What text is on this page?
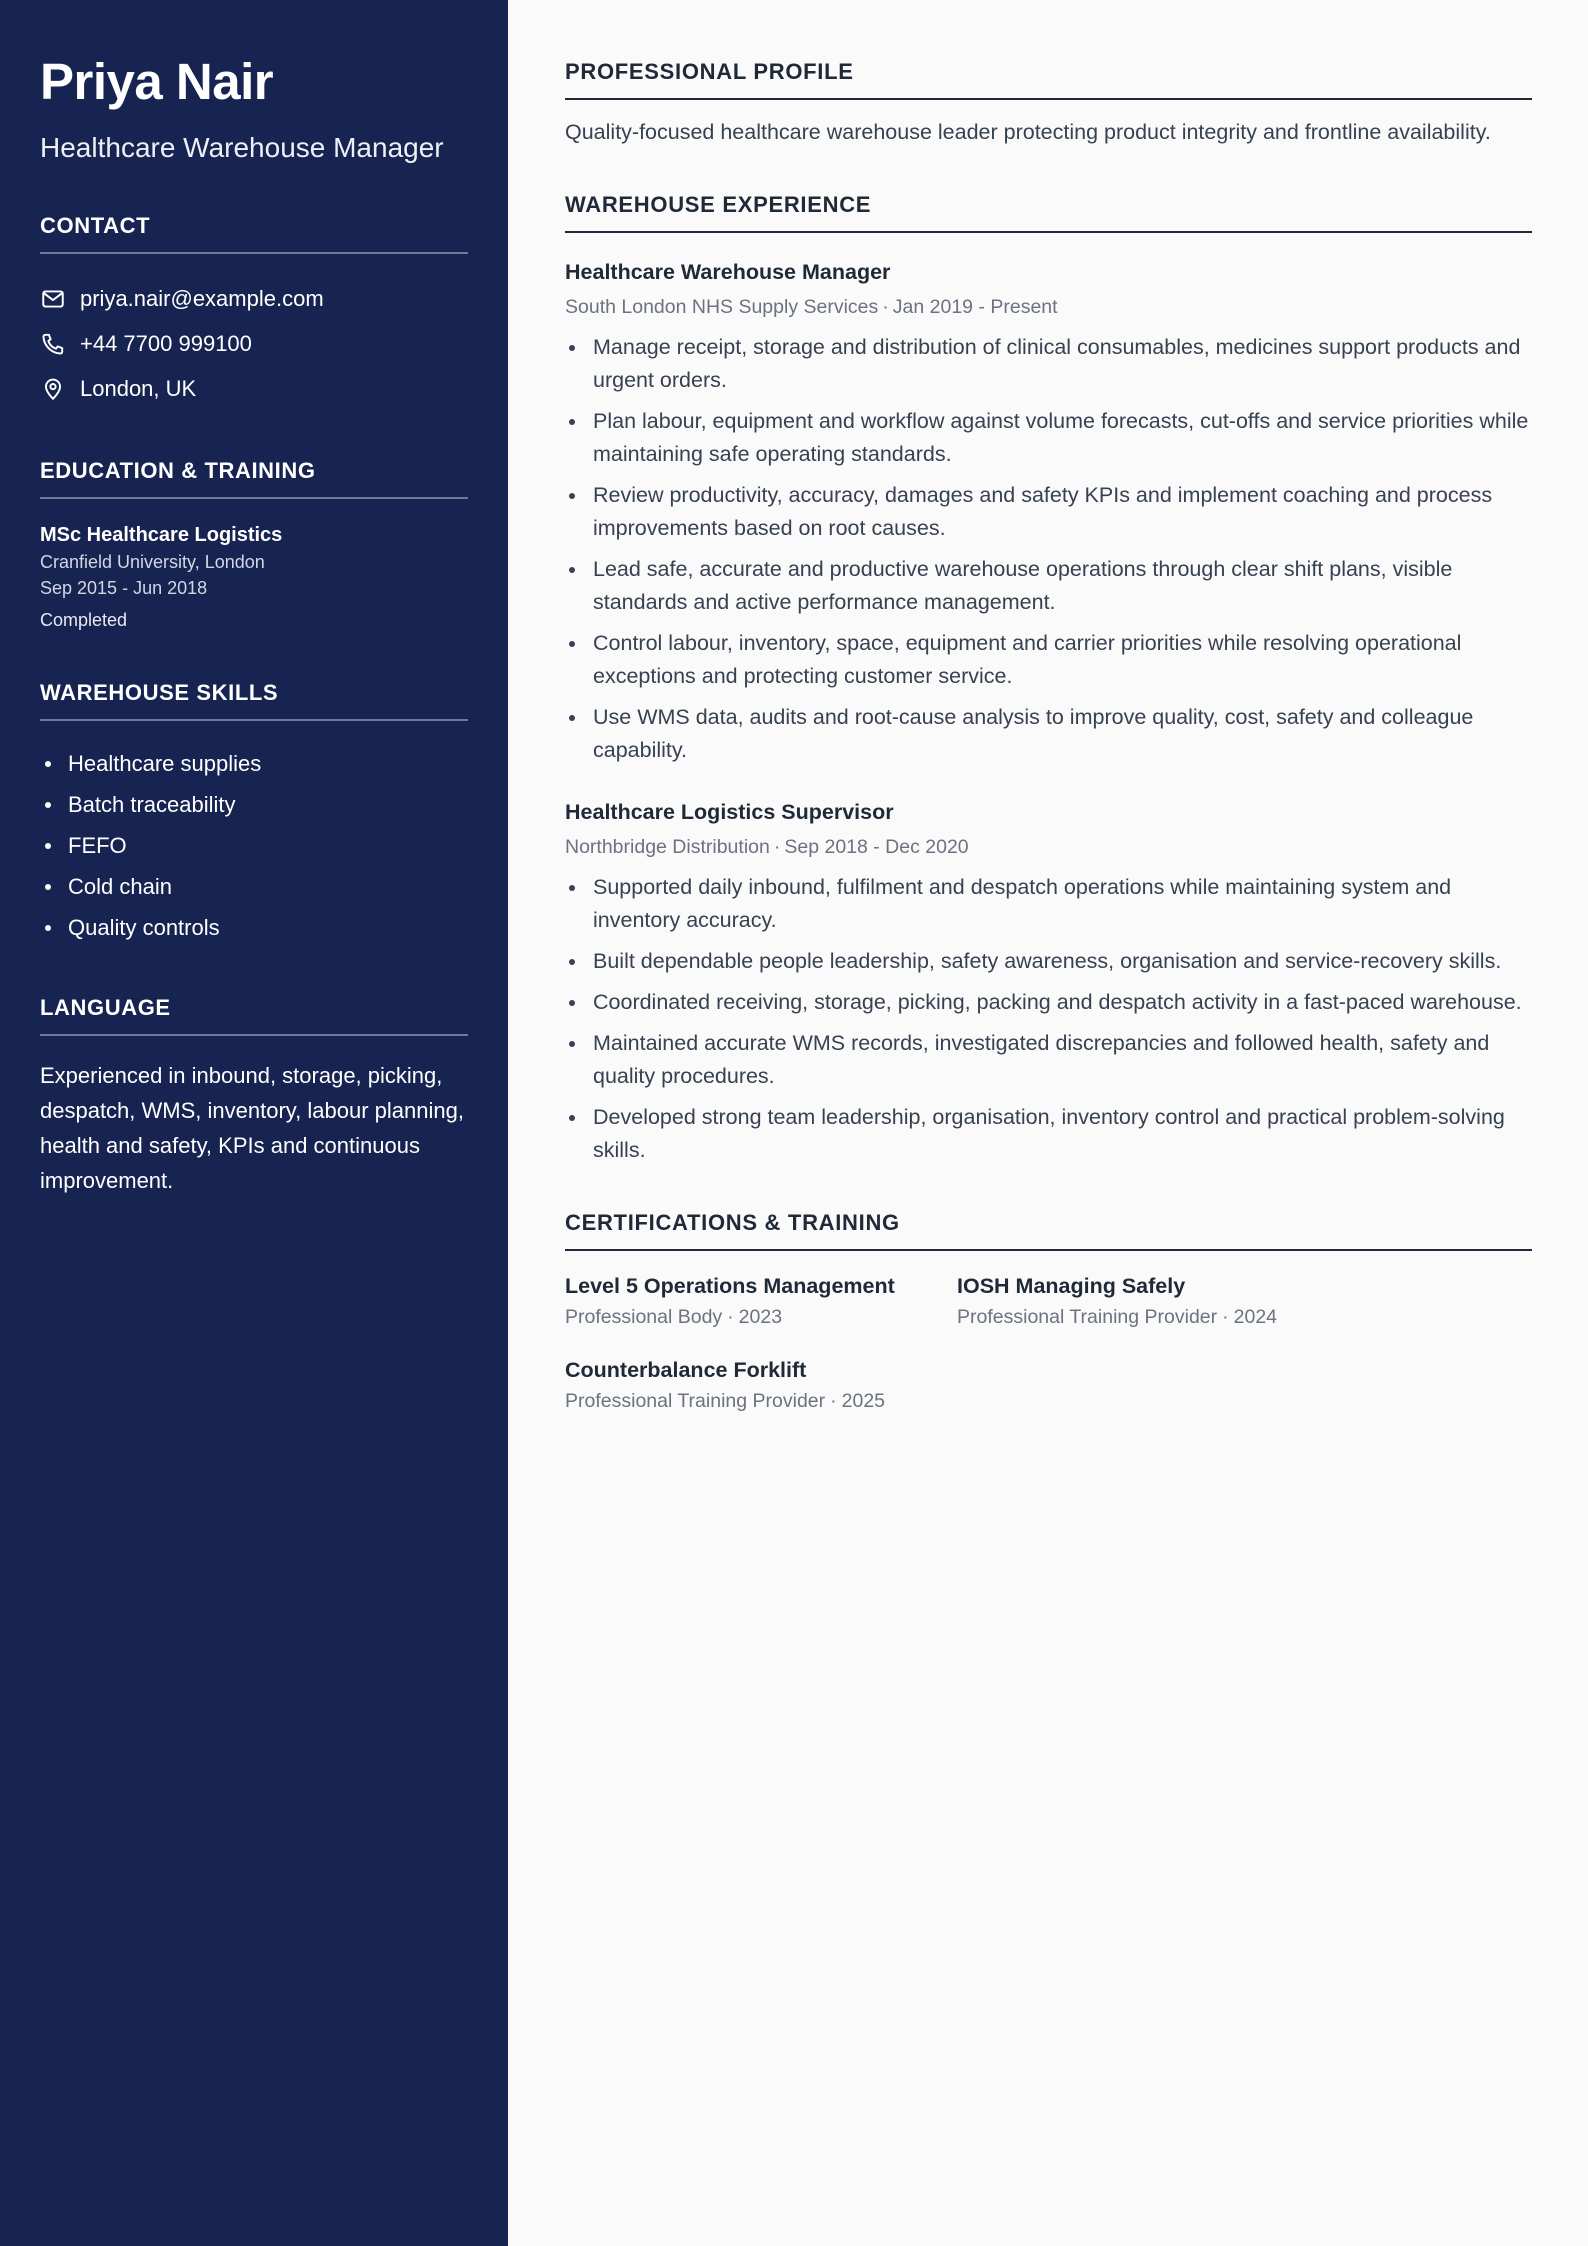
Priya Nair
Healthcare Warehouse Manager
CONTACT
priya.nair@example.com
+44 7700 999100
London, UK
EDUCATION & TRAINING
MSc Healthcare Logistics
Cranfield University, London
Sep 2015 - Jun 2018
Completed
WAREHOUSE SKILLS
Healthcare supplies
Batch traceability
FEFO
Cold chain
Quality controls
LANGUAGE
Experienced in inbound, storage, picking, despatch, WMS, inventory, labour planning, health and safety, KPIs and continuous improvement.
PROFESSIONAL PROFILE
Quality-focused healthcare warehouse leader protecting product integrity and frontline availability.
WAREHOUSE EXPERIENCE
Healthcare Warehouse Manager
South London NHS Supply Services · Jan 2019 - Present
Manage receipt, storage and distribution of clinical consumables, medicines support products and urgent orders.
Plan labour, equipment and workflow against volume forecasts, cut-offs and service priorities while maintaining safe operating standards.
Review productivity, accuracy, damages and safety KPIs and implement coaching and process improvements based on root causes.
Lead safe, accurate and productive warehouse operations through clear shift plans, visible standards and active performance management.
Control labour, inventory, space, equipment and carrier priorities while resolving operational exceptions and protecting customer service.
Use WMS data, audits and root-cause analysis to improve quality, cost, safety and colleague capability.
Healthcare Logistics Supervisor
Northbridge Distribution · Sep 2018 - Dec 2020
Supported daily inbound, fulfilment and despatch operations while maintaining system and inventory accuracy.
Built dependable people leadership, safety awareness, organisation and service-recovery skills.
Coordinated receiving, storage, picking, packing and despatch activity in a fast-paced warehouse.
Maintained accurate WMS records, investigated discrepancies and followed health, safety and quality procedures.
Developed strong team leadership, organisation, inventory control and practical problem-solving skills.
CERTIFICATIONS & TRAINING
Level 5 Operations Management
Professional Body · 2023
IOSH Managing Safely
Professional Training Provider · 2024
Counterbalance Forklift
Professional Training Provider · 2025
